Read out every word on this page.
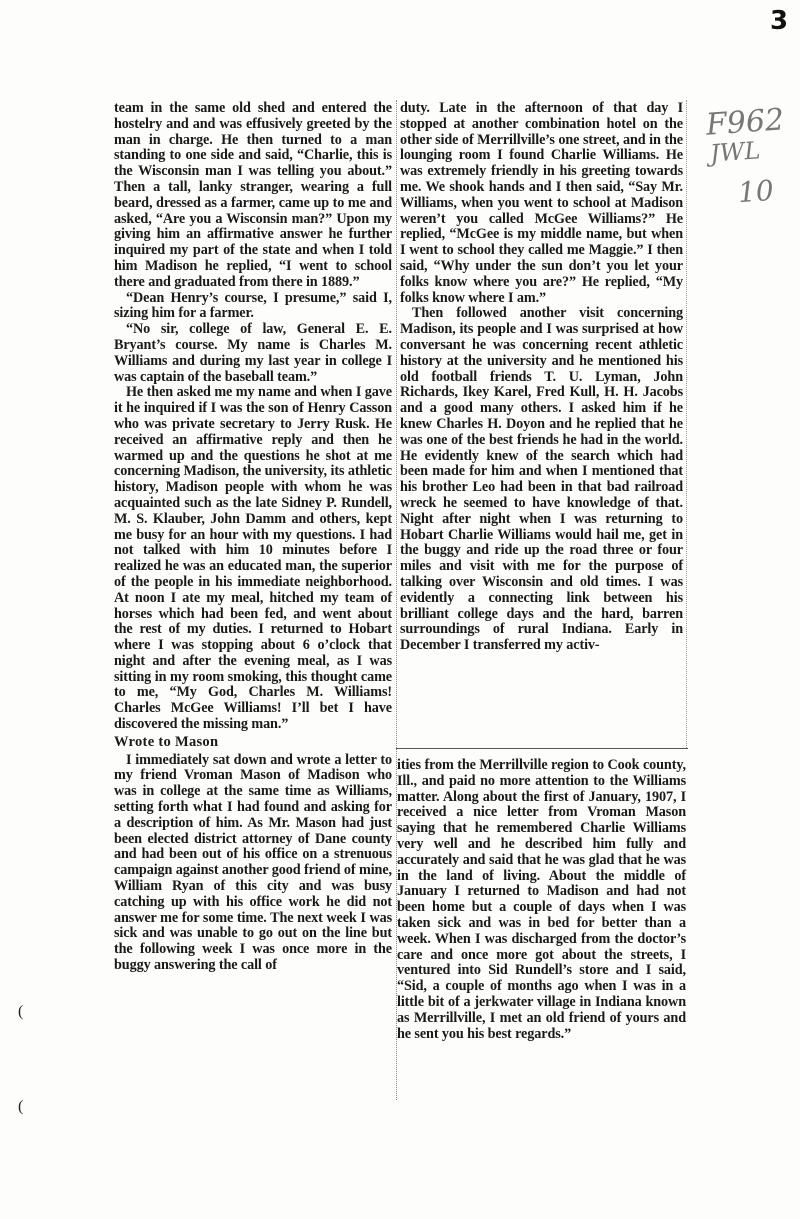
3
F962
JWL
10
(
(

team in the same old shed and entered the hostelry and and was effusively greeted by the man in charge. He then turned to a man standing to one side and said, “Charlie, this is the Wisconsin man I was telling you about.” Then a tall, lanky stranger, wearing a full beard, dressed as a farmer, came up to me and asked, “Are you a Wisconsin man?” Upon my giving him an affirmative answer he further inquired my part of the state and when I told him Madison he replied, “I went to school there and graduated from there in 1889.”

“Dean Henry’s course, I presume,” said I, sizing him for a farmer.

“No sir, college of law, General E. E. Bryant’s course. My name is Charles M. Williams and during my last year in college I was captain of the baseball team.”

He then asked me my name and when I gave it he inquired if I was the son of Henry Casson who was private secretary to Jerry Rusk. He received an affirmative reply and then he warmed up and the questions he shot at me concerning Madison, the university, its athletic history, Madison people with whom he was acquainted such as the late Sidney P. Rundell, M. S. Klauber, John Damm and others, kept me busy for an hour with my questions. I had not talked with him 10 minutes before I realized he was an educated man, the superior of the people in his immediate neighborhood. At noon I ate my meal, hitched my team of horses which had been fed, and went about the rest of my duties. I returned to Hobart where I was stopping about 6 o’clock that night and after the evening meal, as I was sitting in my room smoking, this thought came to me, “My God, Charles M. Williams! Charles McGee Williams! I’ll bet I have discovered the missing man.”

Wrote to Mason

I immediately sat down and wrote a letter to my friend Vroman Mason of Madison who was in college at the same time as Williams, setting forth what I had found and asking for a description of him. As Mr. Mason had just been elected district attorney of Dane county and had been out of his office on a strenuous campaign against another good friend of mine, William Ryan of this city and was busy catching up with his office work he did not answer me for some time. The next week I was sick and was unable to go out on the line but the following week I was once more in the buggy answering the call of

duty. Late in the afternoon of that day I stopped at another combination hotel on the other side of Merrillville’s one street, and in the lounging room I found Charlie Williams. He was extremely friendly in his greeting towards me. We shook hands and I then said, “Say Mr. Williams, when you went to school at Madison weren’t you called McGee Williams?” He replied, “McGee is my middle name, but when I went to school they called me Maggie.” I then said, “Why under the sun don’t you let your folks know where you are?” He replied, “My folks know where I am.”

Then followed another visit concerning Madison, its people and I was surprised at how conversant he was concerning recent athletic history at the university and he mentioned his old football friends T. U. Lyman, John Richards, Ikey Karel, Fred Kull, H. H. Jacobs and a good many others. I asked him if he knew Charles H. Doyon and he replied that he was one of the best friends he had in the world. He evidently knew of the search which had been made for him and when I mentioned that his brother Leo had been in that bad railroad wreck he seemed to have knowledge of that. Night after night when I was returning to Hobart Charlie Williams would hail me, get in the buggy and ride up the road three or four miles and visit with me for the purpose of talking over Wisconsin and old times. I was evidently a connecting link between his brilliant college days and the hard, barren surroundings of rural Indiana. Early in December I transferred my activ-

ities from the Merrillville region to Cook county, Ill., and paid no more attention to the Williams matter. Along about the first of January, 1907, I received a nice letter from Vroman Mason saying that he remembered Charlie Williams very well and he described him fully and accurately and said that he was glad that he was in the land of living. About the middle of January I returned to Madison and had not been home but a couple of days when I was taken sick and was in bed for better than a week. When I was discharged from the doctor’s care and once more got about the streets, I ventured into Sid Rundell’s store and I said, “Sid, a couple of months ago when I was in a little bit of a jerkwater village in Indiana known as Merrillville, I met an old friend of yours and he sent you his best regards.”
